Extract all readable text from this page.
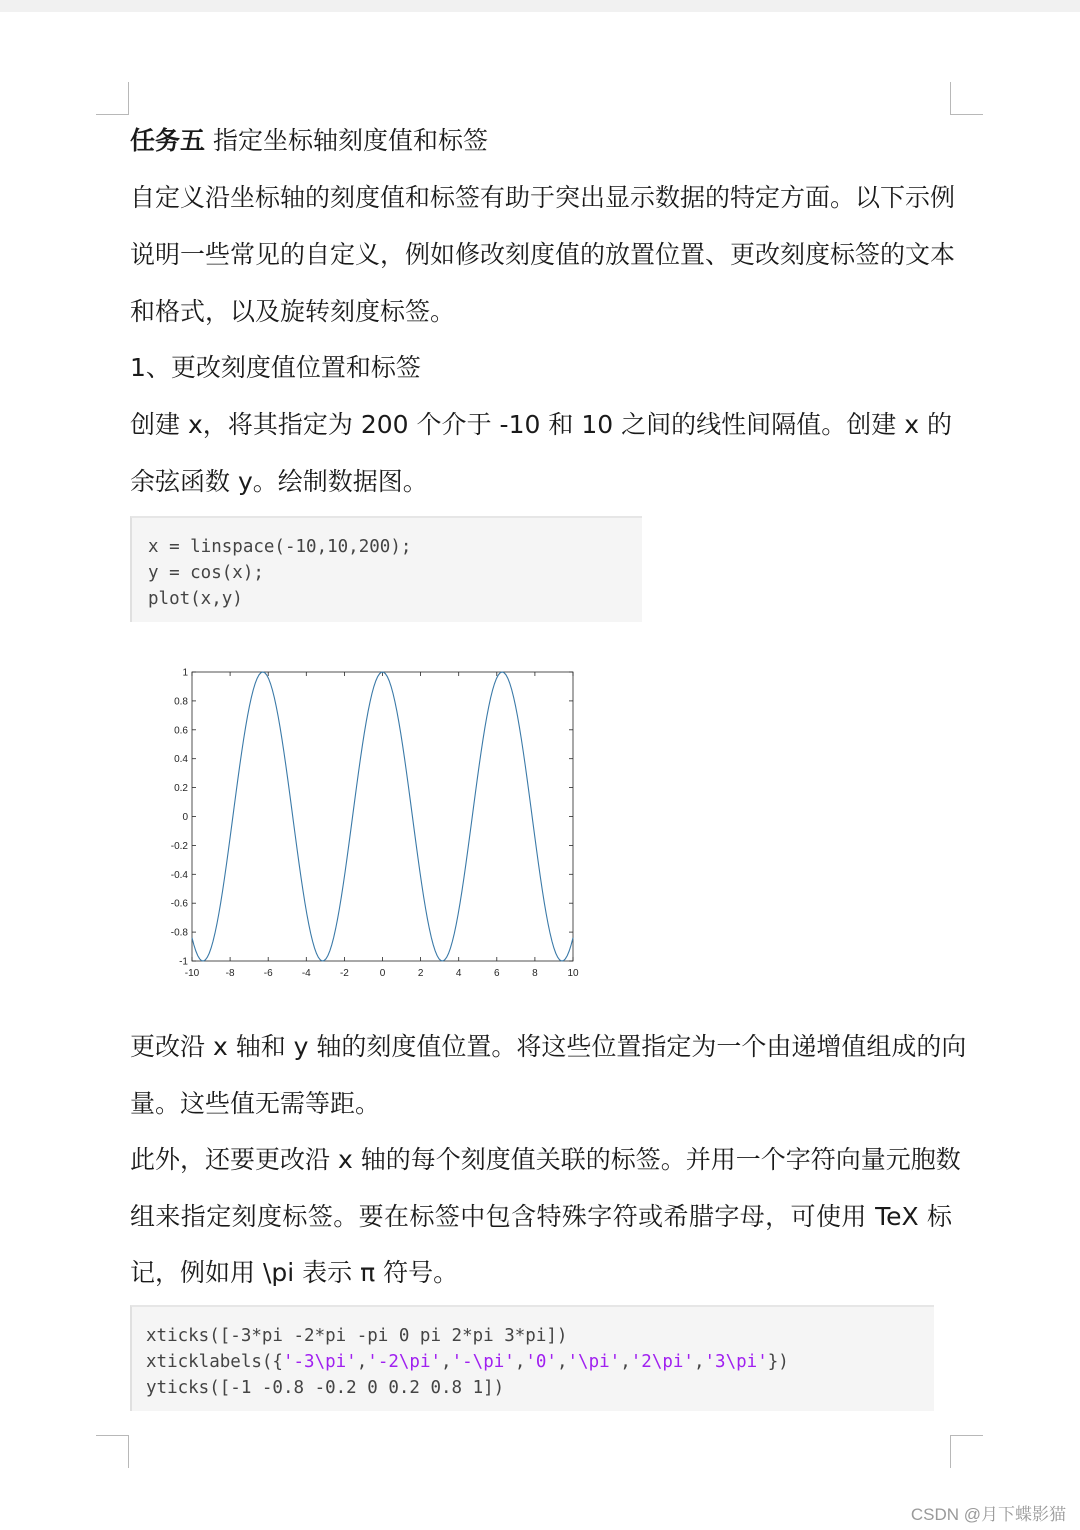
任务五 指定坐标轴刻度值和标签
自定义沿坐标轴的刻度值和标签有助于突出显示数据的特定方面。以下示例
说明一些常见的自定义，例如修改刻度值的放置位置、更改刻度标签的文本
和格式，以及旋转刻度标签。
1、更改刻度值位置和标签
创建 x，将其指定为 200 个介于 -10 和 10 之间的线性间隔值。创建 x 的
余弦函数 y。绘制数据图。
x = linspace(-10,10,200);
y = cos(x);
plot(x,y)
-10	-8	-6	-4	-2	0	2	4	6	8	10
1
0.8
0.6
0.4
0.2
0
-0.2
-0.4
-0.6
-0.8
-1
更改沿 x 轴和 y 轴的刻度值位置。将这些位置指定为一个由递增值组成的向
量。这些值无需等距。
此外，还要更改沿 x 轴的每个刻度值关联的标签。并用一个字符向量元胞数
组来指定刻度标签。要在标签中包含特殊字符或希腊字母，可使用 TeX 标
记，例如用 \pi 表示 π 符号。
xticks([-3*pi -2*pi -pi 0 pi 2*pi 3*pi])
xticklabels({'-3\pi','-2\pi','-\pi','0','\pi','2\pi','3\pi'})
yticks([-1 -0.8 -0.2 0 0.2 0.8 1])
CSDN @月下蝶影猫
